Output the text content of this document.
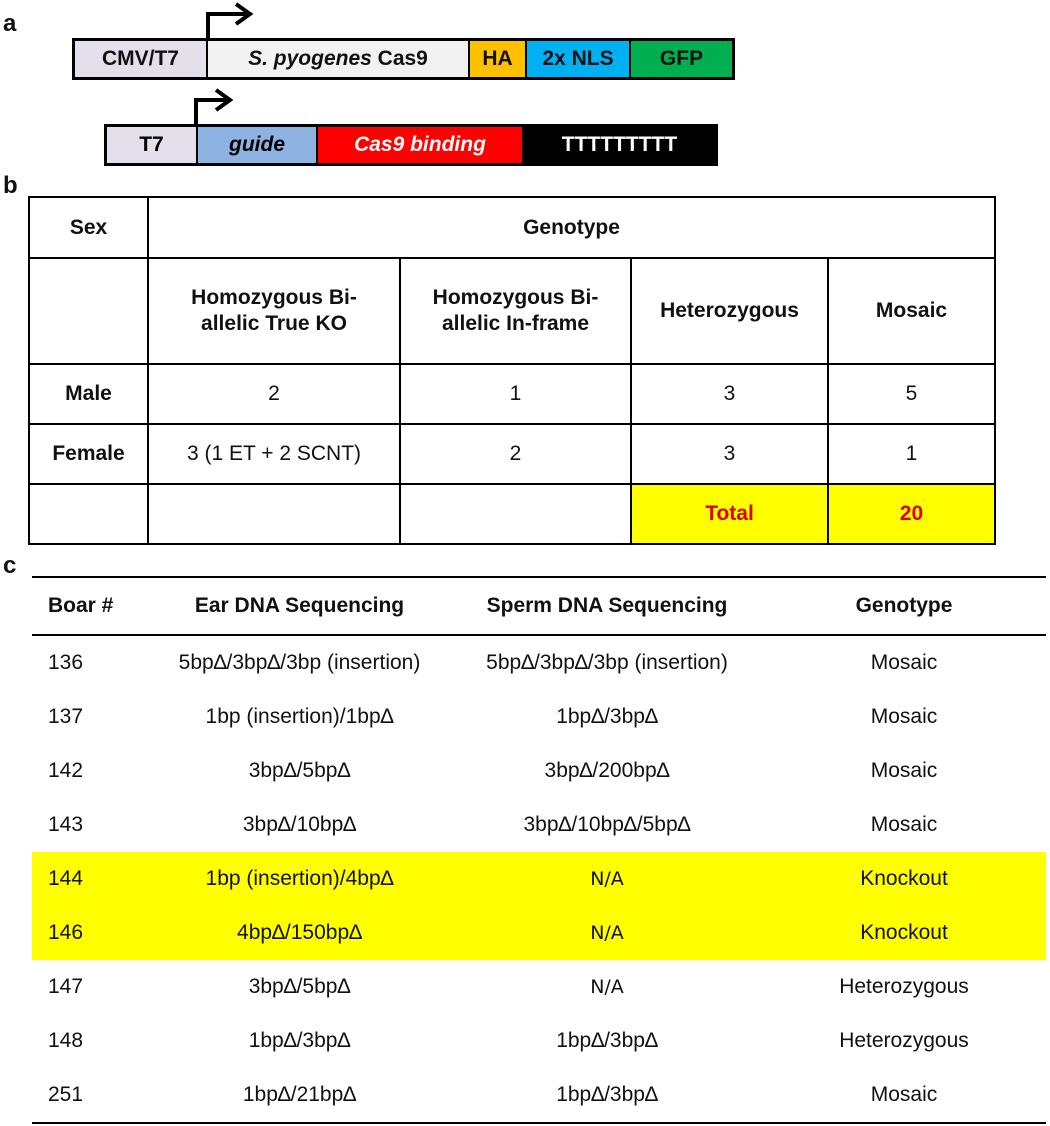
a
b
c
CMV/T7	S. pyogenes Cas9	HA 2x NLS GFP
T7	guide	Cas9 binding	TTTTTTTTT
Sex	Genotype			

	Homozygous Bi-allelic True KO	Homozygous Bi-allelic In-frame	Heterozygous	Mosaic
Male	2	1	3	5
Female	3 (1 ET + 2 SCNT)	2	3	1
			Total	20
Boar #	Ear DNA Sequencing	Sperm DNA Sequencing	Genotype
136	5bp∆/3bp∆/3bp (insertion)	5bp∆/3bp∆/3bp (insertion)	Mosaic
137	1bp (insertion)/1bp∆	1bp∆/3bp∆	Mosaic
142	3bp∆/5bp∆	3bp∆/200bp∆	Mosaic
143	3bp∆/10bp∆	3bp∆/10bp∆/5bp∆	Mosaic
144	1bp (insertion)/4bp∆	N/A	Knockout
146	4bp∆/150bp∆	N/A	Knockout
147	3bp∆/5bp∆	N/A	Heterozygous
148	1bp∆/3bp∆	1bp∆/3bp∆	Heterozygous
251	1bp∆/21bp∆	1bp∆/3bp∆	Mosaic
